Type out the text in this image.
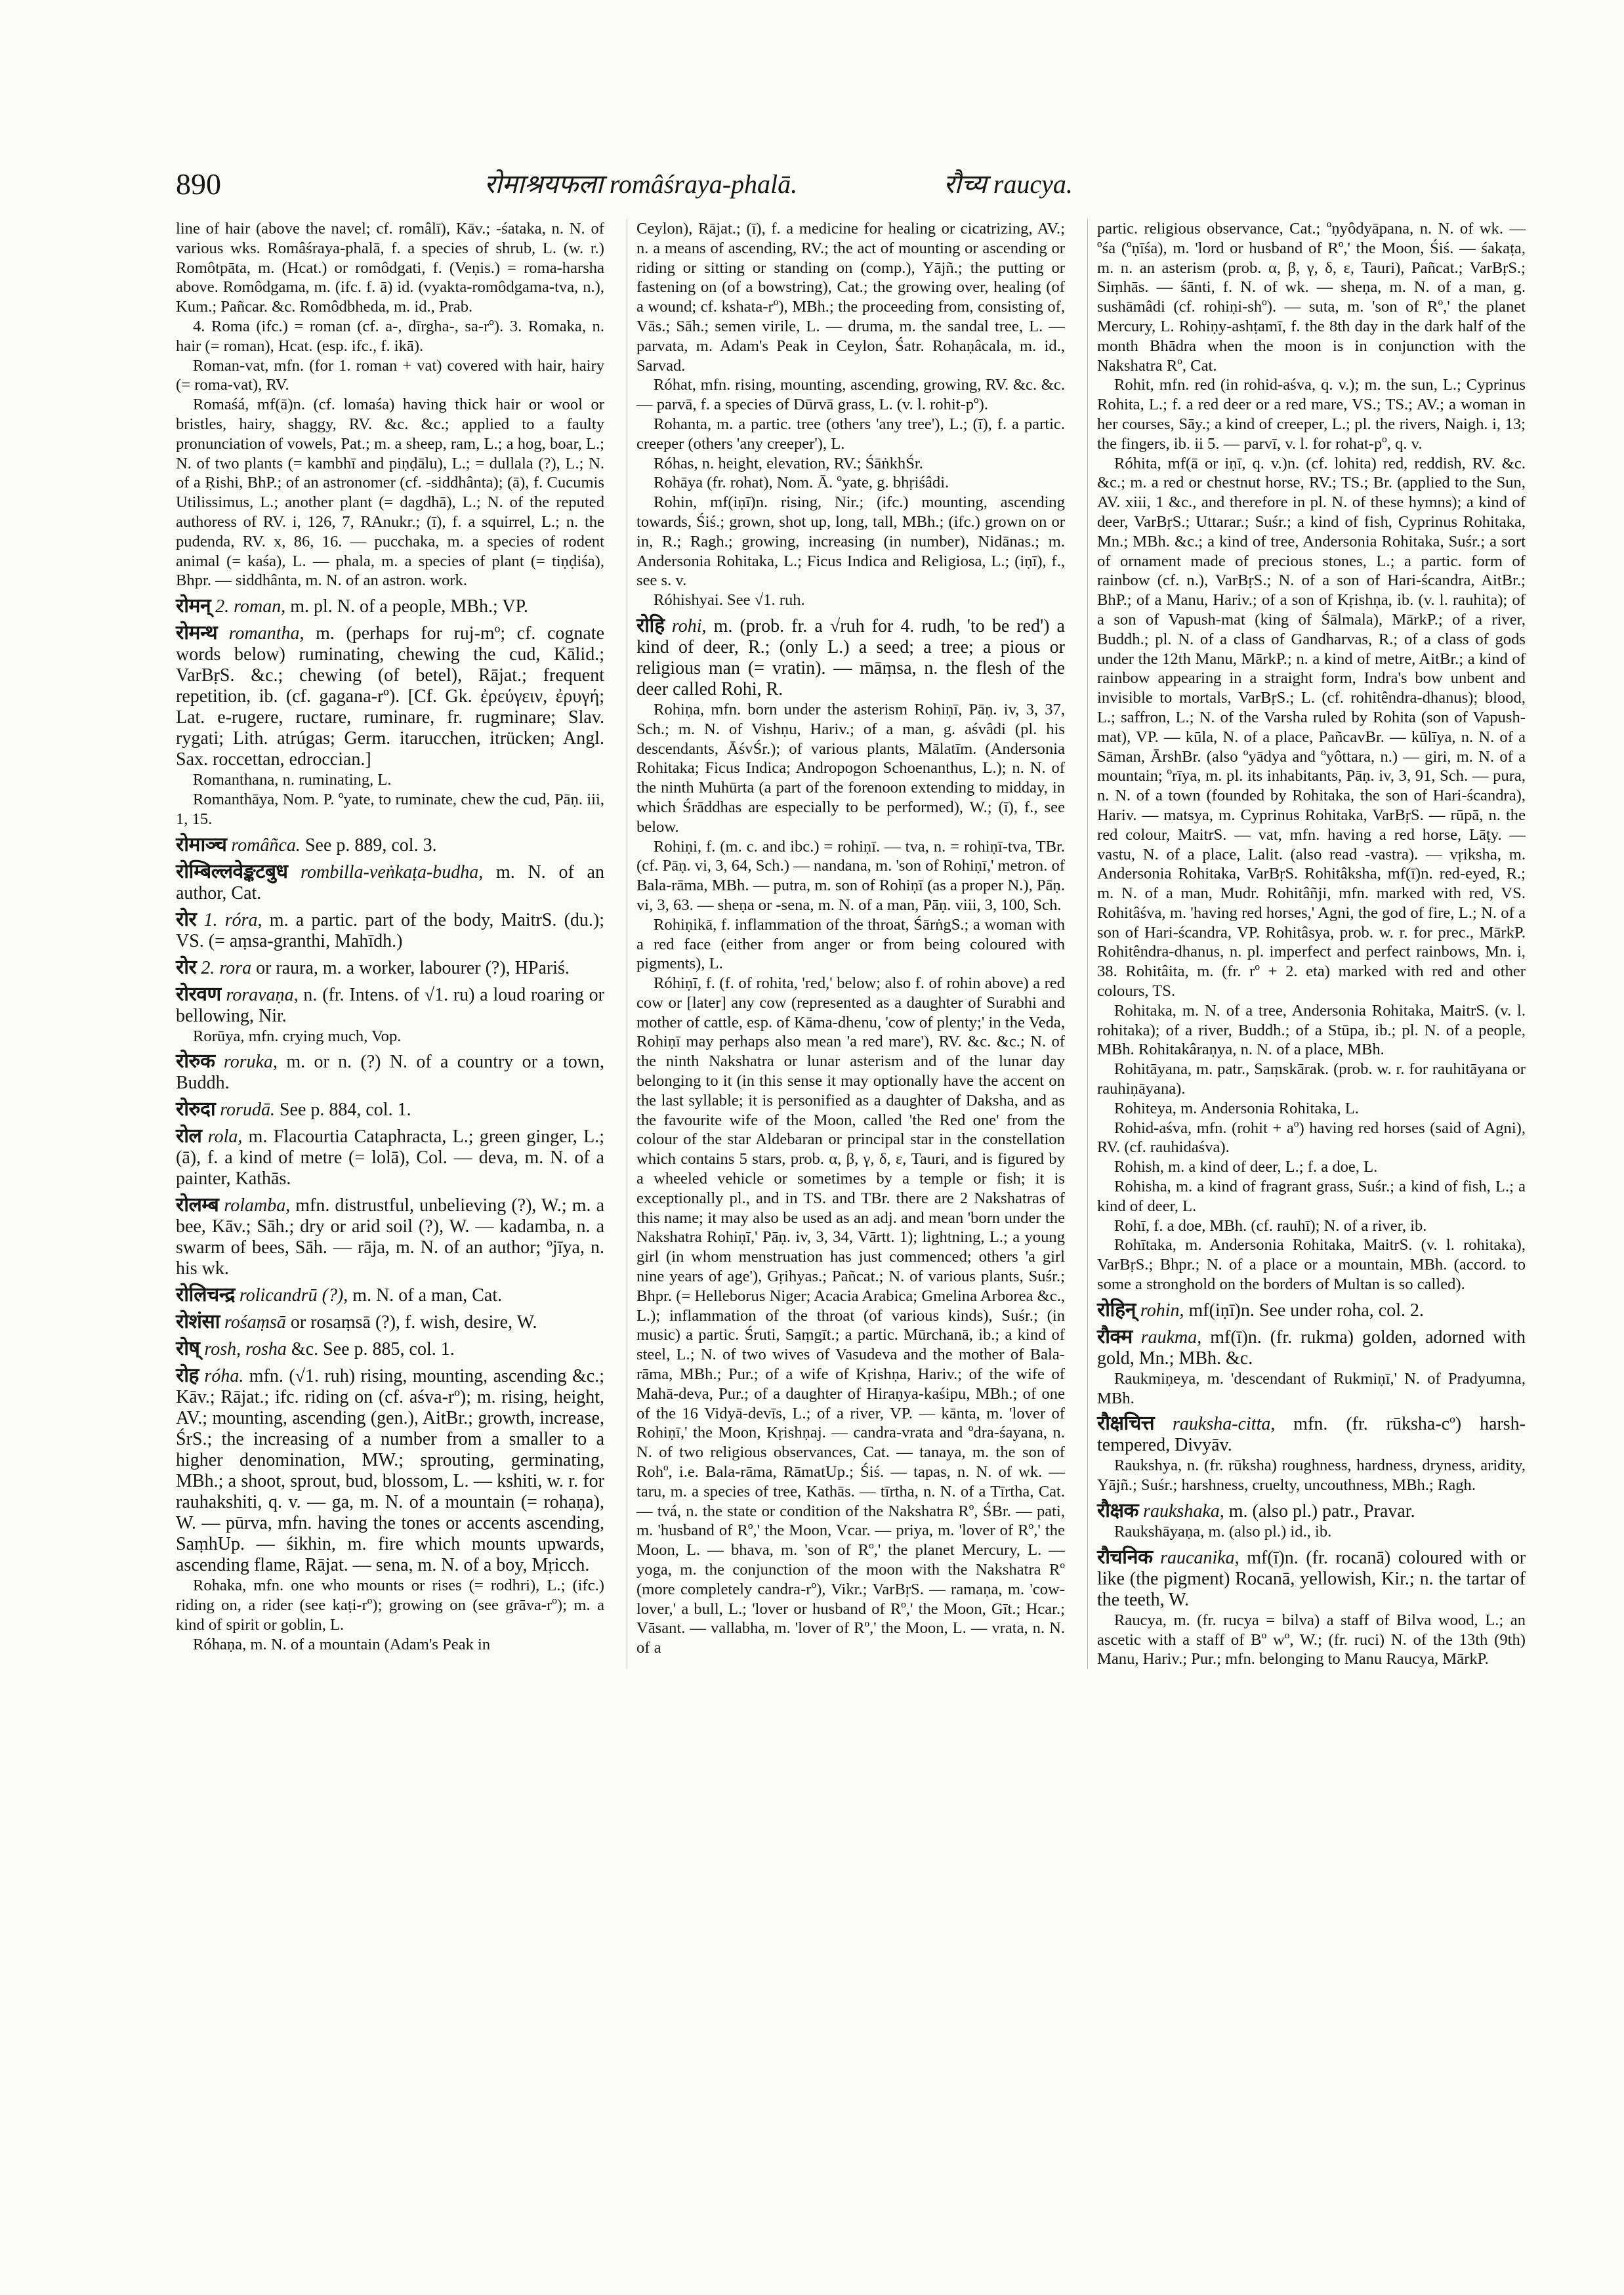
890	रोमाश्रयफला româśraya-phalā.	रौच्य raucya.

line of hair (above the navel; cf. româlī), Kāv.; -śataka, n. N. of various wks. Româśraya-phalā, f. a species of shrub, L. (w. r.) Romôtpāta, m. (Hcat.) or romôdgati, f. (Veṇis.) = roma-harsha above. Romôdgama, m. (ifc. f. ā) id. (vyakta-romôdgama-tva, n.), Kum.; Pañcar. &c. Romôdbheda, m. id., Prab.

4. Roma (ifc.) = roman (cf. a-, dīrgha-, sa-rº). 3. Romaka, n. hair (= roman), Hcat. (esp. ifc., f. ikā).

Roman-vat, mfn. (for 1. roman + vat) covered with hair, hairy (= roma-vat), RV.

Romaśá, mf(ā)n. (cf. lomaśa) having thick hair or wool or bristles, hairy, shaggy, RV. &c. &c.; applied to a faulty pronunciation of vowels, Pat.; m. a sheep, ram, L.; a hog, boar, L.; N. of two plants (= kambhī and piṇḍālu), L.; = dullala (?), L.; N. of a Ṛishi, BhP.; of an astronomer (cf. -siddhânta); (ā), f. Cucumis Utilissimus, L.; another plant (= dagdhā), L.; N. of the reputed authoress of RV. i, 126, 7, RAnukr.; (ī), f. a squirrel, L.; n. the pudenda, RV. x, 86, 16. — pucchaka, m. a species of rodent animal (= kaśa), L. — phala, m. a species of plant (= tiṇḍiśa), Bhpr. — siddhânta, m. N. of an astron. work.

रोमन् 2. roman, m. pl. N. of a people, MBh.; VP.

रोमन्थ romantha, m. (perhaps for ruj-mº; cf. cognate words below) ruminating, chewing the cud, Kālid.; VarBṛS. &c.; chewing (of betel), Rājat.; frequent repetition, ib. (cf. gagana-rº). [Cf. Gk. ἐρεύγειν, ἐρυγή; Lat. e-rugere, ructare, ruminare, fr. rugminare; Slav. rygati; Lith. atrúgas; Germ. itarucchen, itrücken; Angl. Sax. roccettan, edroccian.]

Romanthana, n. ruminating, L.

Romanthāya, Nom. P. ºyate, to ruminate, chew the cud, Pāṇ. iii, 1, 15.

रोमाञ्च româñca. See p. 889, col. 3.

रोम्बिल्लवेङ्कटबुध rombilla-veṅkaṭa-budha, m. N. of an author, Cat.

रोर 1. róra, m. a partic. part of the body, MaitrS. (du.); VS. (= aṃsa-granthi, Mahīdh.)

रोर 2. rora or raura, m. a worker, labourer (?), HPariś.

रोरवण roravaṇa, n. (fr. Intens. of √1. ru) a loud roaring or bellowing, Nir.

Rorūya, mfn. crying much, Vop.

रोरुक roruka, m. or n. (?) N. of a country or a town, Buddh.

रोरुदा rorudā. See p. 884, col. 1.

रोल rola, m. Flacourtia Cataphracta, L.; green ginger, L.; (ā), f. a kind of metre (= lolā), Col. — deva, m. N. of a painter, Kathās.

रोलम्ब rolamba, mfn. distrustful, unbelieving (?), W.; m. a bee, Kāv.; Sāh.; dry or arid soil (?), W. — kadamba, n. a swarm of bees, Sāh. — rāja, m. N. of an author; ºjīya, n. his wk.

रोलिचन्द्र rolicandrū (?), m. N. of a man, Cat.

रोशंसा rośaṃsā or rosaṃsā (?), f. wish, desire, W.

रोष् rosh, rosha &c. See p. 885, col. 1.

रोह róha. mfn. (√1. ruh) rising, mounting, ascending &c.; Kāv.; Rājat.; ifc. riding on (cf. aśva-rº); m. rising, height, AV.; mounting, ascending (gen.), AitBr.; growth, increase, ŚrS.; the increasing of a number from a smaller to a higher denomination, MW.; sprouting, germinating, MBh.; a shoot, sprout, bud, blossom, L. — kshiti, w. r. for rauhakshiti, q. v. — ga, m. N. of a mountain (= rohaṇa), W. — pūrva, mfn. having the tones or accents ascending, SaṃhUp. — śikhin, m. fire which mounts upwards, ascending flame, Rājat. — sena, m. N. of a boy, Mṛicch.

Rohaka, mfn. one who mounts or rises (= rodhri), L.; (ifc.) riding on, a rider (see kaṭi-rº); growing on (see grāva-rº); m. a kind of spirit or goblin, L.

Róhaṇa, m. N. of a mountain (Adam's Peak in

Ceylon), Rājat.; (ī), f. a medicine for healing or cicatrizing, AV.; n. a means of ascending, RV.; the act of mounting or ascending or riding or sitting or standing on (comp.), Yājñ.; the putting or fastening on (of a bowstring), Cat.; the growing over, healing (of a wound; cf. kshata-rº), MBh.; the proceeding from, consisting of, Vās.; Sāh.; semen virile, L. — druma, m. the sandal tree, L. — parvata, m. Adam's Peak in Ceylon, Śatr. Rohaṇâcala, m. id., Sarvad.

Róhat, mfn. rising, mounting, ascending, growing, RV. &c. &c. — parvā, f. a species of Dūrvā grass, L. (v. l. rohit-pº).

Rohanta, m. a partic. tree (others 'any tree'), L.; (ī), f. a partic. creeper (others 'any creeper'), L.

Róhas, n. height, elevation, RV.; ŚāṅkhŚr.

Rohāya (fr. rohat), Nom. Ā. ºyate, g. bhṛiśâdi.

Rohin, mf(iṇī)n. rising, Nir.; (ifc.) mounting, ascending towards, Śiś.; grown, shot up, long, tall, MBh.; (ifc.) grown on or in, R.; Ragh.; growing, increasing (in number), Nidānas.; m. Andersonia Rohitaka, L.; Ficus Indica and Religiosa, L.; (iṇī), f., see s. v.

Róhishyai. See √1. ruh.

रोहि rohi, m. (prob. fr. a √ruh for 4. rudh, 'to be red') a kind of deer, R.; (only L.) a seed; a tree; a pious or religious man (= vratin). — māṃsa, n. the flesh of the deer called Rohi, R.

Rohiṇa, mfn. born under the asterism Rohiṇī, Pāṇ. iv, 3, 37, Sch.; m. N. of Vishṇu, Hariv.; of a man, g. aśvâdi (pl. his descendants, ĀśvŚr.); of various plants, Mālatīm. (Andersonia Rohitaka; Ficus Indica; Andropogon Schoenanthus, L.); n. N. of the ninth Muhūrta (a part of the forenoon extending to midday, in which Śrāddhas are especially to be performed), W.; (ī), f., see below.

Rohiṇi, f. (m. c. and ibc.) = rohiṇī. — tva, n. = rohiṇī-tva, TBr. (cf. Pāṇ. vi, 3, 64, Sch.) — nandana, m. 'son of Rohiṇī,' metron. of Bala-rāma, MBh. — putra, m. son of Rohiṇī (as a proper N.), Pāṇ. vi, 3, 63. — sheṇa or -sena, m. N. of a man, Pāṇ. viii, 3, 100, Sch.

Rohiṇikā, f. inflammation of the throat, ŚārṅgS.; a woman with a red face (either from anger or from being coloured with pigments), L.

Róhiṇī, f. (f. of rohita, 'red,' below; also f. of rohin above) a red cow or [later] any cow (represented as a daughter of Surabhi and mother of cattle, esp. of Kāma-dhenu, 'cow of plenty;' in the Veda, Rohiṇī may perhaps also mean 'a red mare'), RV. &c. &c.; N. of the ninth Nakshatra or lunar asterism and of the lunar day belonging to it (in this sense it may optionally have the accent on the last syllable; it is personified as a daughter of Daksha, and as the favourite wife of the Moon, called 'the Red one' from the colour of the star Aldebaran or principal star in the constellation which contains 5 stars, prob. α, β, γ, δ, ε, Tauri, and is figured by a wheeled vehicle or sometimes by a temple or fish; it is exceptionally pl., and in TS. and TBr. there are 2 Nakshatras of this name; it may also be used as an adj. and mean 'born under the Nakshatra Rohiṇī,' Pāṇ. iv, 3, 34, Vārtt. 1); lightning, L.; a young girl (in whom menstruation has just commenced; others 'a girl nine years of age'), Gṛihyas.; Pañcat.; N. of various plants, Suśr.; Bhpr. (= Helleborus Niger; Acacia Arabica; Gmelina Arborea &c., L.); inflammation of the throat (of various kinds), Suśr.; (in music) a partic. Śruti, Saṃgīt.; a partic. Mūrchanā, ib.; a kind of steel, L.; N. of two wives of Vasudeva and the mother of Bala-rāma, MBh.; Pur.; of a wife of Kṛishṇa, Hariv.; of the wife of Mahā-deva, Pur.; of a daughter of Hiraṇya-kaśipu, MBh.; of one of the 16 Vidyā-devīs, L.; of a river, VP. — kānta, m. 'lover of Rohiṇī,' the Moon, Kṛishṇaj. — candra-vrata and ºdra-śayana, n. N. of two religious observances, Cat. — tanaya, m. the son of Rohº, i.e. Bala-rāma, RāmatUp.; Śiś. — tapas, n. N. of wk. — taru, m. a species of tree, Kathās. — tīrtha, n. N. of a Tīrtha, Cat. — tvá, n. the state or condition of the Nakshatra Rº, ŚBr. — pati, m. 'husband of Rº,' the Moon, Vcar. — priya, m. 'lover of Rº,' the Moon, L. — bhava, m. 'son of Rº,' the planet Mercury, L. — yoga, m. the conjunction of the moon with the Nakshatra Rº (more completely candra-rº), Vikr.; VarBṛS. — ramaṇa, m. 'cow-lover,' a bull, L.; 'lover or husband of Rº,' the Moon, Gīt.; Hcar.; Vāsant. — vallabha, m. 'lover of Rº,' the Moon, L. — vrata, n. N. of a

partic. religious observance, Cat.; ºṇyôdyāpana, n. N. of wk. — ºśa (ºṇīśa), m. 'lord or husband of Rº,' the Moon, Śiś. — śakaṭa, m. n. an asterism (prob. α, β, γ, δ, ε, Tauri), Pañcat.; VarBṛS.; Siṃhās. — śānti, f. N. of wk. — sheṇa, m. N. of a man, g. sushāmâdi (cf. rohiṇi-shº). — suta, m. 'son of Rº,' the planet Mercury, L. Rohiṇy-ashṭamī, f. the 8th day in the dark half of the month Bhādra when the moon is in conjunction with the Nakshatra Rº, Cat.

Rohit, mfn. red (in rohid-aśva, q. v.); m. the sun, L.; Cyprinus Rohita, L.; f. a red deer or a red mare, VS.; TS.; AV.; a woman in her courses, Sāy.; a kind of creeper, L.; pl. the rivers, Naigh. i, 13; the fingers, ib. ii 5. — parvī, v. l. for rohat-pº, q. v.

Róhita, mf(ā or iṇī, q. v.)n. (cf. lohita) red, reddish, RV. &c. &c.; m. a red or chestnut horse, RV.; TS.; Br. (applied to the Sun, AV. xiii, 1 &c., and therefore in pl. N. of these hymns); a kind of deer, VarBṛS.; Uttarar.; Suśr.; a kind of fish, Cyprinus Rohitaka, Mn.; MBh. &c.; a kind of tree, Andersonia Rohitaka, Suśr.; a sort of ornament made of precious stones, L.; a partic. form of rainbow (cf. n.), VarBṛS.; N. of a son of Hari-ścandra, AitBr.; BhP.; of a Manu, Hariv.; of a son of Kṛishṇa, ib. (v. l. rauhita); of a son of Vapush-mat (king of Śālmala), MārkP.; of a river, Buddh.; pl. N. of a class of Gandharvas, R.; of a class of gods under the 12th Manu, MārkP.; n. a kind of metre, AitBr.; a kind of rainbow appearing in a straight form, Indra's bow unbent and invisible to mortals, VarBṛS.; L. (cf. rohitêndra-dhanus); blood, L.; saffron, L.; N. of the Varsha ruled by Rohita (son of Vapush-mat), VP. — kūla, N. of a place, PañcavBr. — kūlīya, n. N. of a Sāman, ĀrshBr. (also ºyādya and ºyôttara, n.) — giri, m. N. of a mountain; ºrīya, m. pl. its inhabitants, Pāṇ. iv, 3, 91, Sch. — pura, n. N. of a town (founded by Rohitaka, the son of Hari-ścandra), Hariv. — matsya, m. Cyprinus Rohitaka, VarBṛS. — rūpā, n. the red colour, MaitrS. — vat, mfn. having a red horse, Lāṭy. — vastu, N. of a place, Lalit. (also read -vastra). — vṛiksha, m. Andersonia Rohitaka, VarBṛS. Rohitâksha, mf(ī)n. red-eyed, R.; m. N. of a man, Mudr. Rohitâñji, mfn. marked with red, VS. Rohitâśva, m. 'having red horses,' Agni, the god of fire, L.; N. of a son of Hari-ścandra, VP. Rohitâsya, prob. w. r. for prec., MārkP. Rohitêndra-dhanus, n. pl. imperfect and perfect rainbows, Mn. i, 38. Rohitâita, m. (fr. rº + 2. eta) marked with red and other colours, TS.

Rohitaka, m. N. of a tree, Andersonia Rohitaka, MaitrS. (v. l. rohitaka); of a river, Buddh.; of a Stūpa, ib.; pl. N. of a people, MBh. Rohitakâraṇya, n. N. of a place, MBh.

Rohitāyana, m. patr., Saṃskārak. (prob. w. r. for rauhitāyana or rauhiṇāyana).

Rohiteya, m. Andersonia Rohitaka, L.

Rohid-aśva, mfn. (rohit + aº) having red horses (said of Agni), RV. (cf. rauhidaśva).

Rohish, m. a kind of deer, L.; f. a doe, L.

Rohisha, m. a kind of fragrant grass, Suśr.; a kind of fish, L.; a kind of deer, L.

Rohī, f. a doe, MBh. (cf. rauhī); N. of a river, ib.

Rohītaka, m. Andersonia Rohitaka, MaitrS. (v. l. rohitaka), VarBṛS.; Bhpr.; N. of a place or a mountain, MBh. (accord. to some a stronghold on the borders of Multan is so called).

रोहिन् rohin, mf(iṇī)n. See under roha, col. 2.

रौक्म raukma, mf(ī)n. (fr. rukma) golden, adorned with gold, Mn.; MBh. &c.

Raukmiṇeya, m. 'descendant of Rukmiṇī,' N. of Pradyumna, MBh.

रौक्षचित्त rauksha-citta, mfn. (fr. rūksha-cº) harsh-tempered, Divyāv.

Raukshya, n. (fr. rūksha) roughness, hardness, dryness, aridity, Yājñ.; Suśr.; harshness, cruelty, uncouthness, MBh.; Ragh.

रौक्षक raukshaka, m. (also pl.) patr., Pravar.

Raukshāyaṇa, m. (also pl.) id., ib.

रौचनिक raucanika, mf(ī)n. (fr. rocanā) coloured with or like (the pigment) Rocanā, yellowish, Kir.; n. the tartar of the teeth, W.

Raucya, m. (fr. rucya = bilva) a staff of Bilva wood, L.; an ascetic with a staff of Bº wº, W.; (fr. ruci) N. of the 13th (9th) Manu, Hariv.; Pur.; mfn. belonging to Manu Raucya, MārkP.
